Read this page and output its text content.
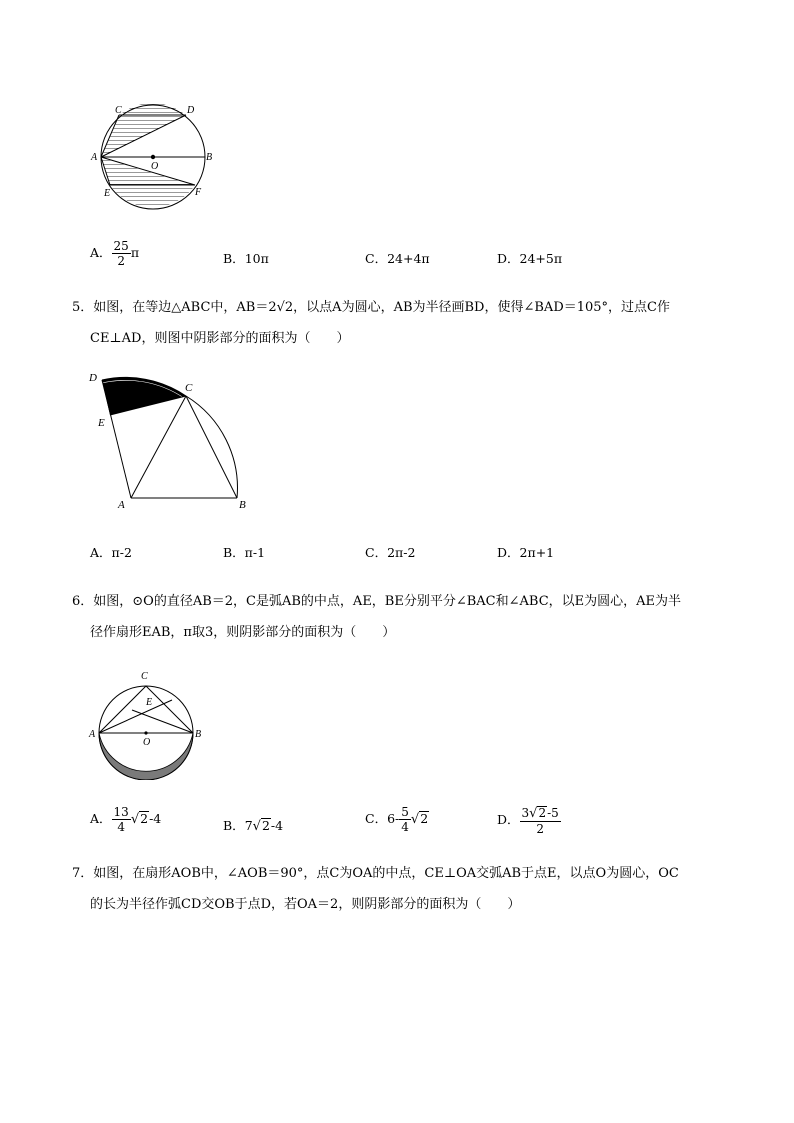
C	D
A
O
B
E	F
A． $\frac{25}{2}$ π	B．10π	C．24+4π	D．24+5π
5．如图，在等边△ABC中，AB＝2√2，以点A为圆心，AB为半径画BD，使得∠BAD＝105°，过点C作
CE⊥AD，则图中阴影部分的面积为（　　）
D
C
E
A	B
A．π-2	B．π-1	C．2π-2	D．2π+1
6．如图，⊙O的直径AB＝2，C是弧AB的中点，AE，BE分别平分∠BAC和∠ABC，以E为圆心，AE为半
径作扇形EAB，π取3，则阴影部分的面积为（　　）
C
E
A
O
B
A． $\frac{13}{4} √2-4$	B．7√2-4	C．$6- \frac{5}{4} √2$	D． $\frac{3√2-5}{2}$
7．如图，在扇形AOB中，∠AOB＝90°，点C为OA的中点，CE⊥OA交弧AB于点E，以点O为圆心，OC
的长为半径作弧CD交OB于点D，若OA＝2，则阴影部分的面积为（　　）
